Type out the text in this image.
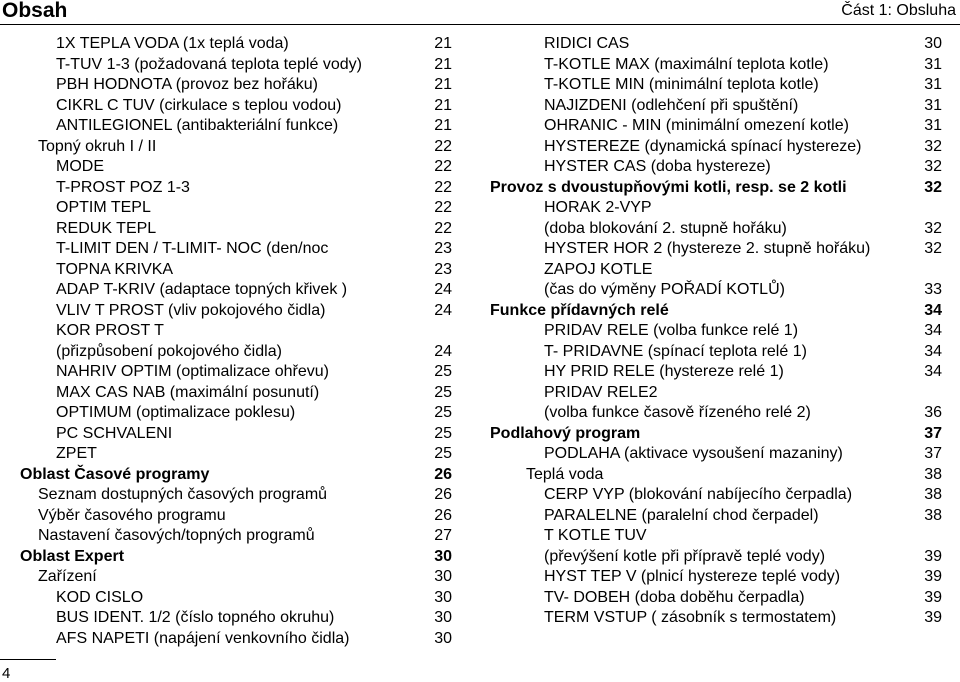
Obsah	Část 1: Obsluha
1X TEPLA VODA (1x teplá voda)	21
T-TUV 1-3 (požadovaná teplota teplé vody)	21
PBH HODNOTA (provoz bez hořáku)	21
CIKRL C TUV (cirkulace s teplou vodou)	21
ANTILEGIONEL (antibakteriální funkce)	21
Topný okruh I / II	22
MODE	22
T-PROST POZ 1-3	22
OPTIM TEPL	22
REDUK TEPL	22
T-LIMIT DEN / T-LIMIT- NOC (den/noc	23
TOPNA KRIVKA	23
ADAP T-KRIV (adaptace topných křivek )	24
VLIV T PROST (vliv pokojového čidla)	24
KOR PROST T
(přizpůsobení pokojového čidla)	24
NAHRIV OPTIM (optimalizace ohřevu)	25
MAX CAS NAB (maximální posunutí)	25
OPTIMUM (optimalizace poklesu)	25
PC SCHVALENI	25
ZPET	25
Oblast Časové programy	26
Seznam dostupných časových programů	26
Výběr časového programu	26
Nastavení časových/topných programů	27
Oblast Expert	30
Zařízení	30
KOD CISLO	30
BUS IDENT. 1/2 (číslo topného okruhu)	30
AFS NAPETI (napájení venkovního čidla)	30
RIDICI CAS	30
T-KOTLE MAX (maximální teplota kotle)	31
T-KOTLE MIN (minimální teplota kotle)	31
NAJIZDENI (odlehčení při spuštění)	31
OHRANIC - MIN (minimální omezení kotle)	31
HYSTEREZE (dynamická spínací hystereze)	32
HYSTER CAS (doba hystereze)	32
Provoz s dvoustupňovými kotli, resp. se 2 kotli	32
HORAK 2-VYP
(doba blokování 2. stupně hořáku)	32
HYSTER HOR 2 (hystereze 2. stupně hořáku)	32
ZAPOJ KOTLE
(čas do výměny POŘADÍ KOTLŮ)	33
Funkce přídavných relé	34
PRIDAV RELE (volba funkce relé 1)	34
T- PRIDAVNE (spínací teplota relé 1)	34
HY PRID RELE (hystereze relé 1)	34
PRIDAV RELE2
(volba funkce časově řízeného relé 2)	36
Podlahový program	37
PODLAHA (aktivace vysoušení mazaniny)	37
Teplá voda	38
CERP VYP (blokování nabíjecího čerpadla)	38
PARALELNE (paralelní chod čerpadel)	38
T KOTLE TUV
(převýšení kotle při přípravě teplé vody)	39
HYST TEP V (plnicí hystereze teplé vody)	39
TV- DOBEH (doba doběhu čerpadla)	39
TERM VSTUP ( zásobník s termostatem)	39
4
